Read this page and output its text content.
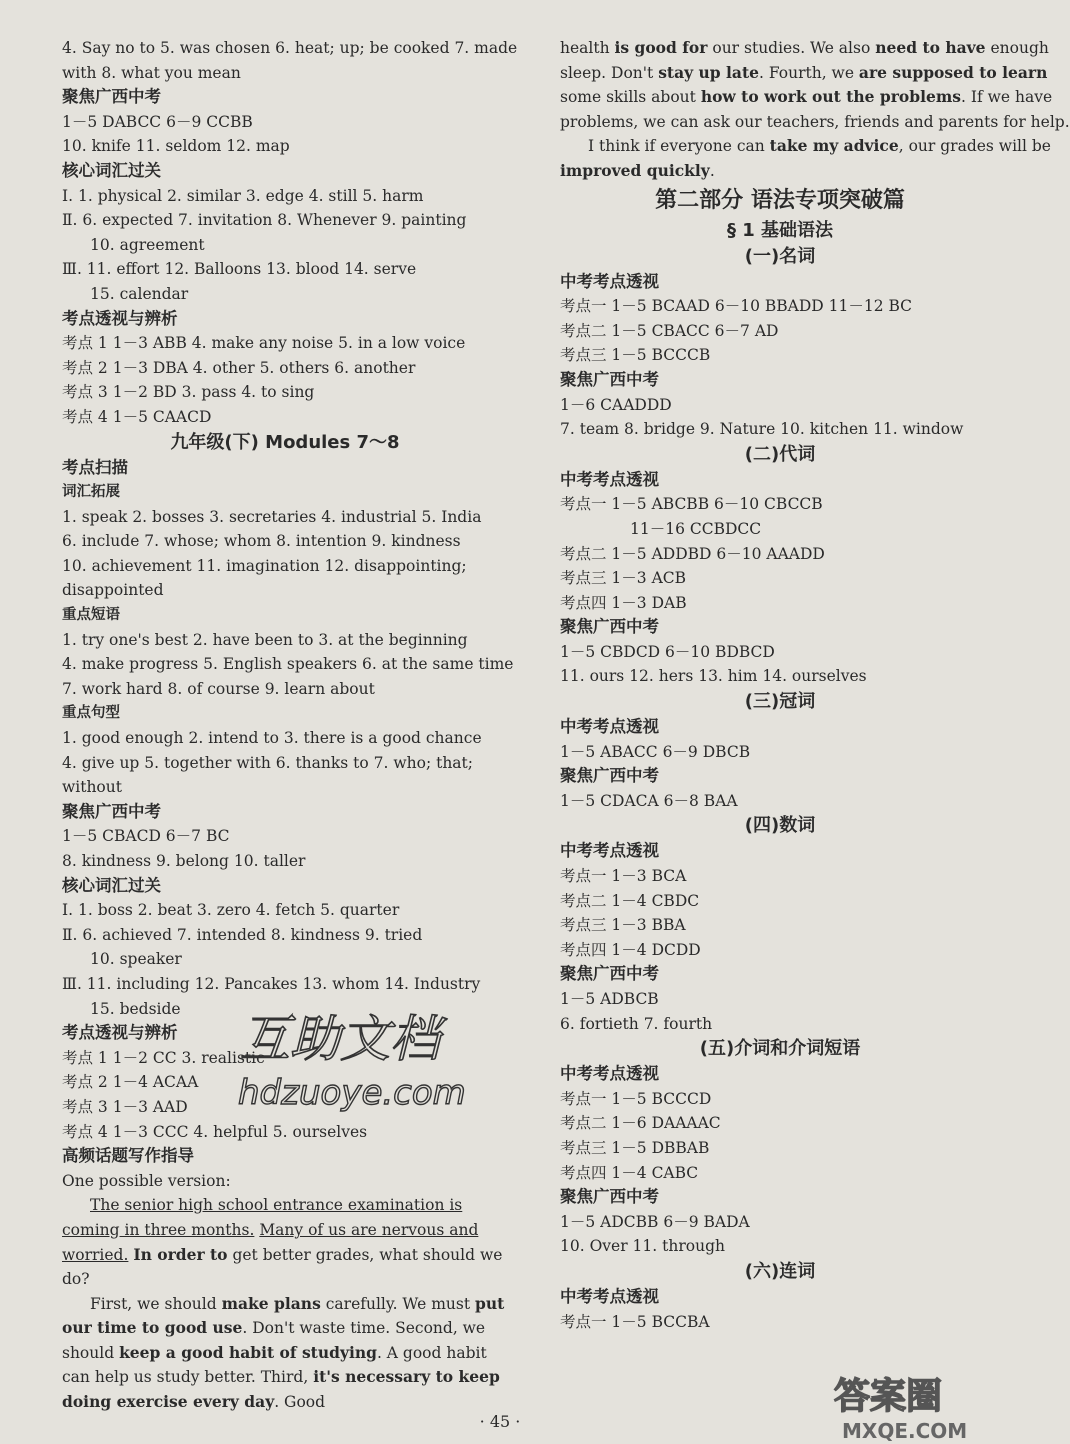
4. Say no to 5. was chosen 6. heat; up; be cooked 7. made
with 8. what you mean
聚焦广西中考
1－5 DABCC 6－9 CCBB
10. knife 11. seldom 12. map
核心词汇过关
Ⅰ. 1. physical 2. similar 3. edge 4. still 5. harm
Ⅱ. 6. expected 7. invitation 8. Whenever 9. painting
10. agreement
Ⅲ. 11. effort 12. Balloons 13. blood 14. serve
15. calendar
考点透视与辨析
考点 1 1－3 ABB 4. make any noise 5. in a low voice
考点 2 1－3 DBA 4. other 5. others 6. another
考点 3 1－2 BD 3. pass 4. to sing
考点 4 1－5 CAACD
九年级(下) Modules 7～8
考点扫描
词汇拓展
1. speak 2. bosses 3. secretaries 4. industrial 5. India
6. include 7. whose; whom 8. intention 9. kindness
10. achievement 11. imagination 12. disappointing;
disappointed
重点短语
1. try one's best 2. have been to 3. at the beginning
4. make progress 5. English speakers 6. at the same time
7. work hard 8. of course 9. learn about
重点句型
1. good enough 2. intend to 3. there is a good chance
4. give up 5. together with 6. thanks to 7. who; that;
without
聚焦广西中考
1－5 CBACD 6－7 BC
8. kindness 9. belong 10. taller
核心词汇过关
Ⅰ. 1. boss 2. beat 3. zero 4. fetch 5. quarter
Ⅱ. 6. achieved 7. intended 8. kindness 9. tried
10. speaker
Ⅲ. 11. including 12. Pancakes 13. whom 14. Industry
15. bedside
考点透视与辨析
考点 1 1－2 CC 3. realistic
考点 2 1－4 ACAA
考点 3 1－3 AAD
考点 4 1－3 CCC 4. helpful 5. ourselves
高频话题写作指导
One possible version:
The senior high school entrance examination is coming in three months. Many of us are nervous and worried. In order to get better grades, what should we do?
First, we should make plans carefully. We must put our time to good use. Don't waste time. Second, we should keep a good habit of studying. A good habit can help us study better. Third, it's necessary to keep doing exercise every day. Good
health is good for our studies. We also need to have enough
sleep. Don't stay up late. Fourth, we are supposed to learn
some skills about how to work out the problems. If we have
problems, we can ask our teachers, friends and parents for help.
I think if everyone can take my advice, our grades will be
improved quickly.
第二部分 语法专项突破篇
§ 1 基础语法
(一)名词
中考考点透视
考点一 1－5 BCAAD 6－10 BBADD 11－12 BC
考点二 1－5 CBACC 6－7 AD
考点三 1－5 BCCCB
聚焦广西中考
1－6 CAADDD
7. team 8. bridge 9. Nature 10. kitchen 11. window
(二)代词
中考考点透视
考点一 1－5 ABCBB 6－10 CBCCB
11－16 CCBDCC
考点二 1－5 ADDBD 6－10 AAADD
考点三 1－3 ACB
考点四 1－3 DAB
聚焦广西中考
1－5 CBDCD 6－10 BDBCD
11. ours 12. hers 13. him 14. ourselves
(三)冠词
中考考点透视
1－5 ABACC 6－9 DBCB
聚焦广西中考
1－5 CDACA 6－8 BAA
(四)数词
中考考点透视
考点一 1－3 BCA
考点二 1－4 CBDC
考点三 1－3 BBA
考点四 1－4 DCDD
聚焦广西中考
1－5 ADBCB
6. fortieth 7. fourth
(五)介词和介词短语
中考考点透视
考点一 1－5 BCCCD
考点二 1－6 DAAAAC
考点三 1－5 DBBAB
考点四 1－4 CABC
聚焦广西中考
1－5 ADCBB 6－9 BADA
10. Over 11. through
(六)连词
中考考点透视
考点一 1－5 BCCBA
互助文档
hdzuoye.com
答案圈
MXQE.COM
· 45 ·
